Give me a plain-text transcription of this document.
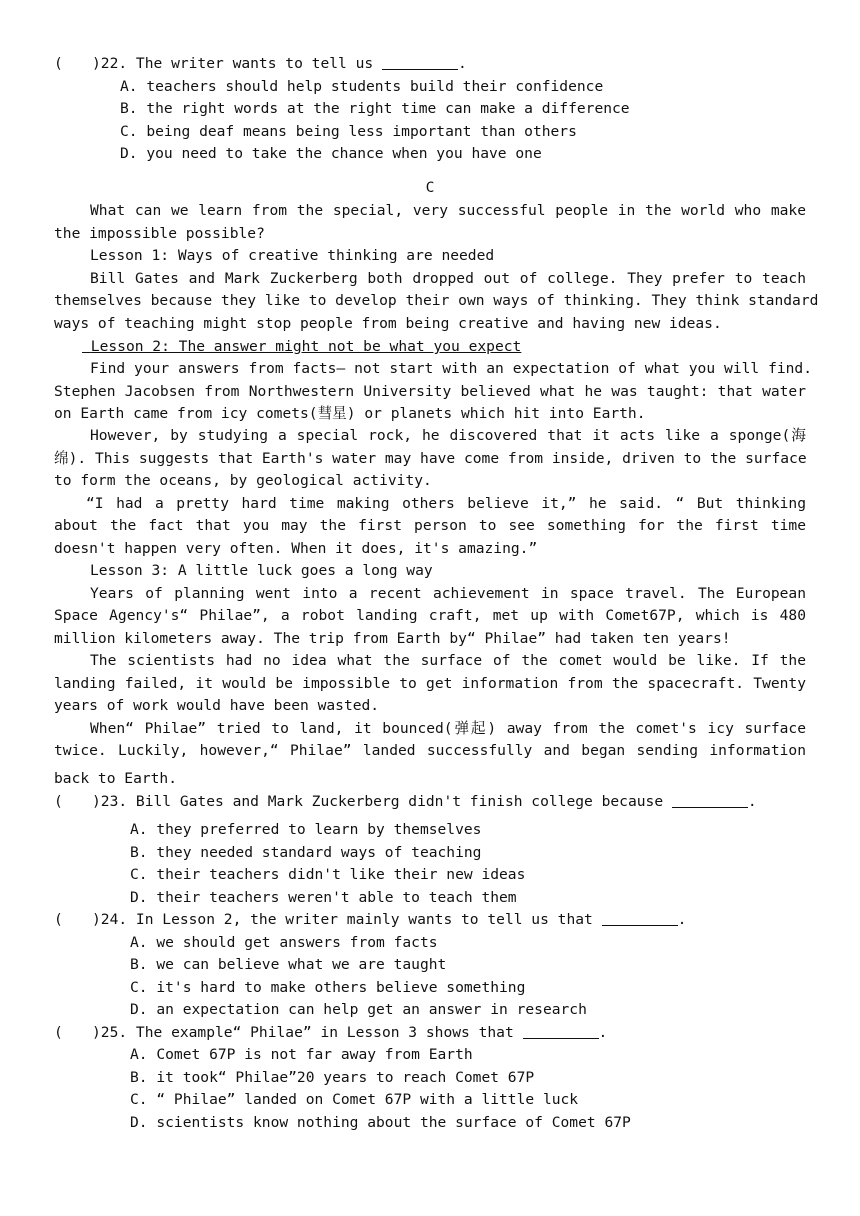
( )22. The writer wants to tell us	.
A. teachers should help students build their confidence
B. the right words at the right time can make a difference
C. being deaf means being less important than others
D. you need to take the chance when you have one
C
What can we learn from the special, very successful people in the world who make
the impossible possible?
Lesson 1: Ways of creative thinking are needed
Bill Gates and Mark Zuckerberg both dropped out of college. They prefer to teach
themselves because they like to develop their own ways of thinking. They think standard
ways of teaching might stop people from being creative and having new ideas.
Lesson 2: The answer might not be what you expect
Find your answers from facts— not start with an expectation of what you will find.
Stephen Jacobsen from Northwestern University believed what he was taught: that water
on Earth came from icy comets(彗星) or planets which hit into Earth.
However, by studying a special rock, he discovered that it acts like a sponge(海
绵). This suggests that Earth's water may have come from inside, driven to the surface
to form the oceans, by geological activity.
“I had a pretty hard time making others believe it,” he said. “ But thinking
about the fact that you may the first person to see something for the first time
doesn't happen very often. When it does, it's amazing.”
Lesson 3: A little luck goes a long way
Years of planning went into a recent achievement in space travel. The European
Space Agency's“ Philae”, a robot landing craft, met up with Comet67P, which is 480
million kilometers away. The trip from Earth by“ Philae” had taken ten years!
The scientists had no idea what the surface of the comet would be like. If the
landing failed, it would be impossible to get information from the spacecraft. Twenty
years of work would have been wasted.
When“ Philae” tried to land, it bounced(弹起) away from the comet's icy surface
twice. Luckily, however,“ Philae” landed successfully and began sending information
back to Earth.
( )23. Bill Gates and Mark Zuckerberg didn't finish college because	.
A. they preferred to learn by themselves
B. they needed standard ways of teaching
C. their teachers didn't like their new ideas
D. their teachers weren't able to teach them
( )24. In Lesson 2, the writer mainly wants to tell us that	.
A. we should get answers from facts
B. we can believe what we are taught
C. it's hard to make others believe something
D. an expectation can help get an answer in research
( )25. The example“ Philae” in Lesson 3 shows that	.
A. Comet 67P is not far away from Earth
B. it took“ Philae”20 years to reach Comet 67P
C. “ Philae” landed on Comet 67P with a little luck
D. scientists know nothing about the surface of Comet 67P
